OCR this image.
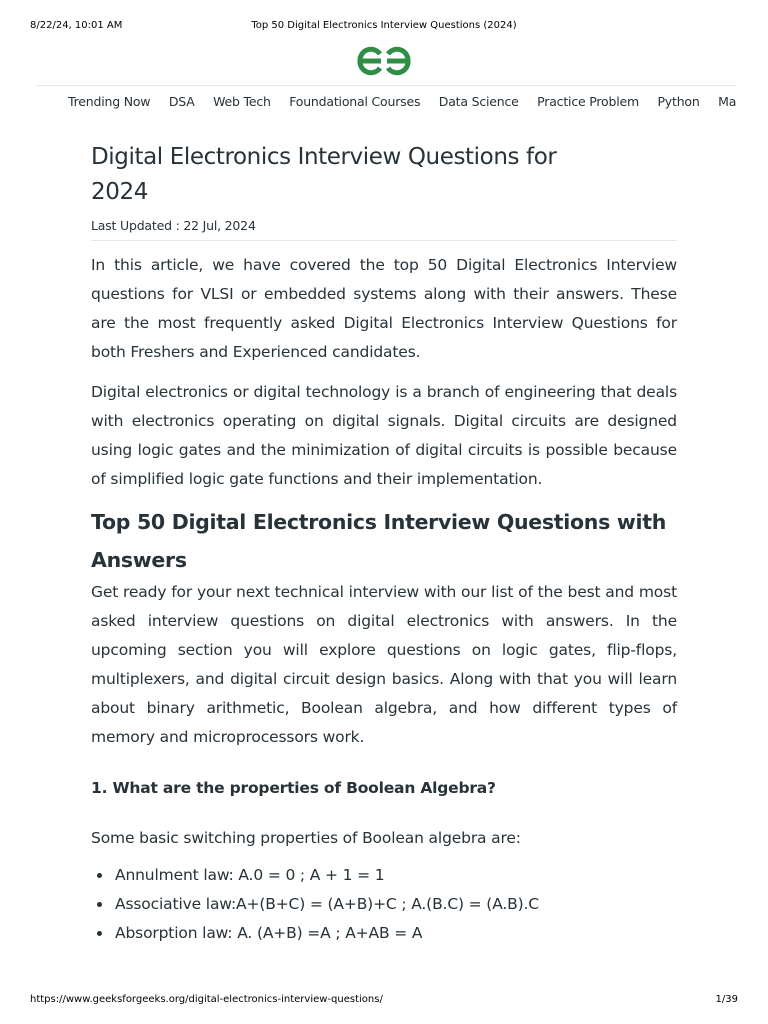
8/22/24, 10:01 AM	Top 50 Digital Electronics Interview Questions (2024)
Trending Now DSA Web Tech Foundational Courses Data Science Practice Problem Python Ma
Digital Electronics Interview Questions for 2024
Last Updated : 22 Jul, 2024

In this article, we have covered the top 50 Digital Electronics Interview questions for VLSI or embedded systems along with their answers. These are the most frequently asked Digital Electronics Interview Questions for both Freshers and Experienced candidates.

Digital electronics or digital technology is a branch of engineering that deals with electronics operating on digital signals. Digital circuits are designed using logic gates and the minimization of digital circuits is possible because of simplified logic gate functions and their implementation.

Top 50 Digital Electronics Interview Questions with Answers

Get ready for your next technical interview with our list of the best and most asked interview questions on digital electronics with answers. In the upcoming section you will explore questions on logic gates, flip-flops, multiplexers, and digital circuit design basics. Along with that you will learn about binary arithmetic, Boolean algebra, and how different types of memory and microprocessors work.

1. What are the properties of Boolean Algebra?

Some basic switching properties of Boolean algebra are:

Annulment law: A.0 = 0 ; A + 1 = 1
Associative law:A+(B+C) = (A+B)+C ; A.(B.C) = (A.B).C
Absorption law: A. (A+B) =A ; A+AB = A
https://www.geeksforgeeks.org/digital-electronics-interview-questions/	1/39
